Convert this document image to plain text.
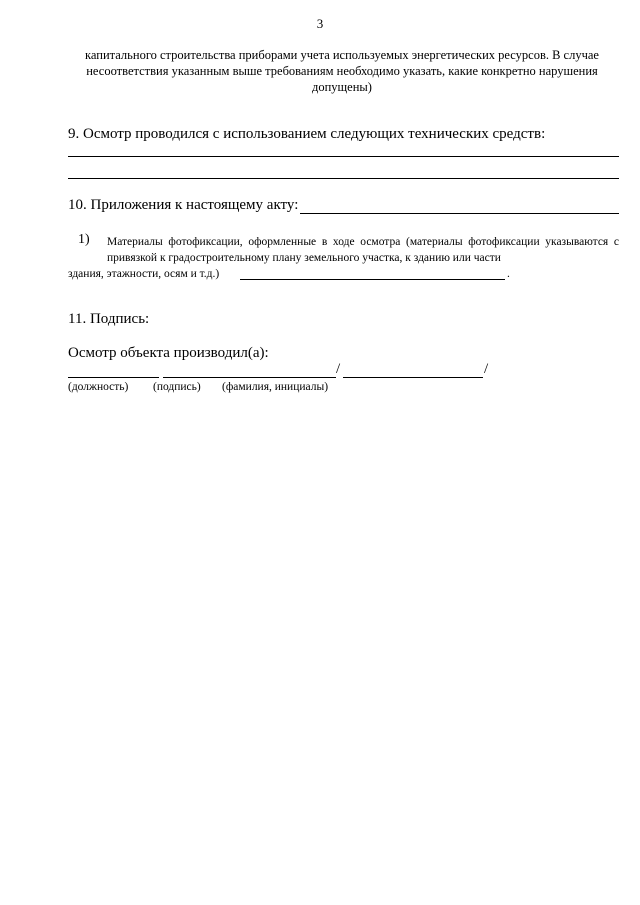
3
капитального строительства приборами учета используемых энергетических ресурсов. В случае несоответствия указанным выше требованиям необходимо указать, какие конкретно нарушения допущены)
9. Осмотр проводился с использованием следующих технических средств:
10. Приложения к настоящему акту:
1) Материалы фотофиксации, оформленные в ходе осмотра (материалы фотофиксации указываются с привязкой к градостроительному плану земельного участка, к зданию или части
здания, этажности, осям и т.д.)	.
11. Подпись:
Осмотр объекта производил(а):
/	/
(должность) (подпись) (фамилия, инициалы)
